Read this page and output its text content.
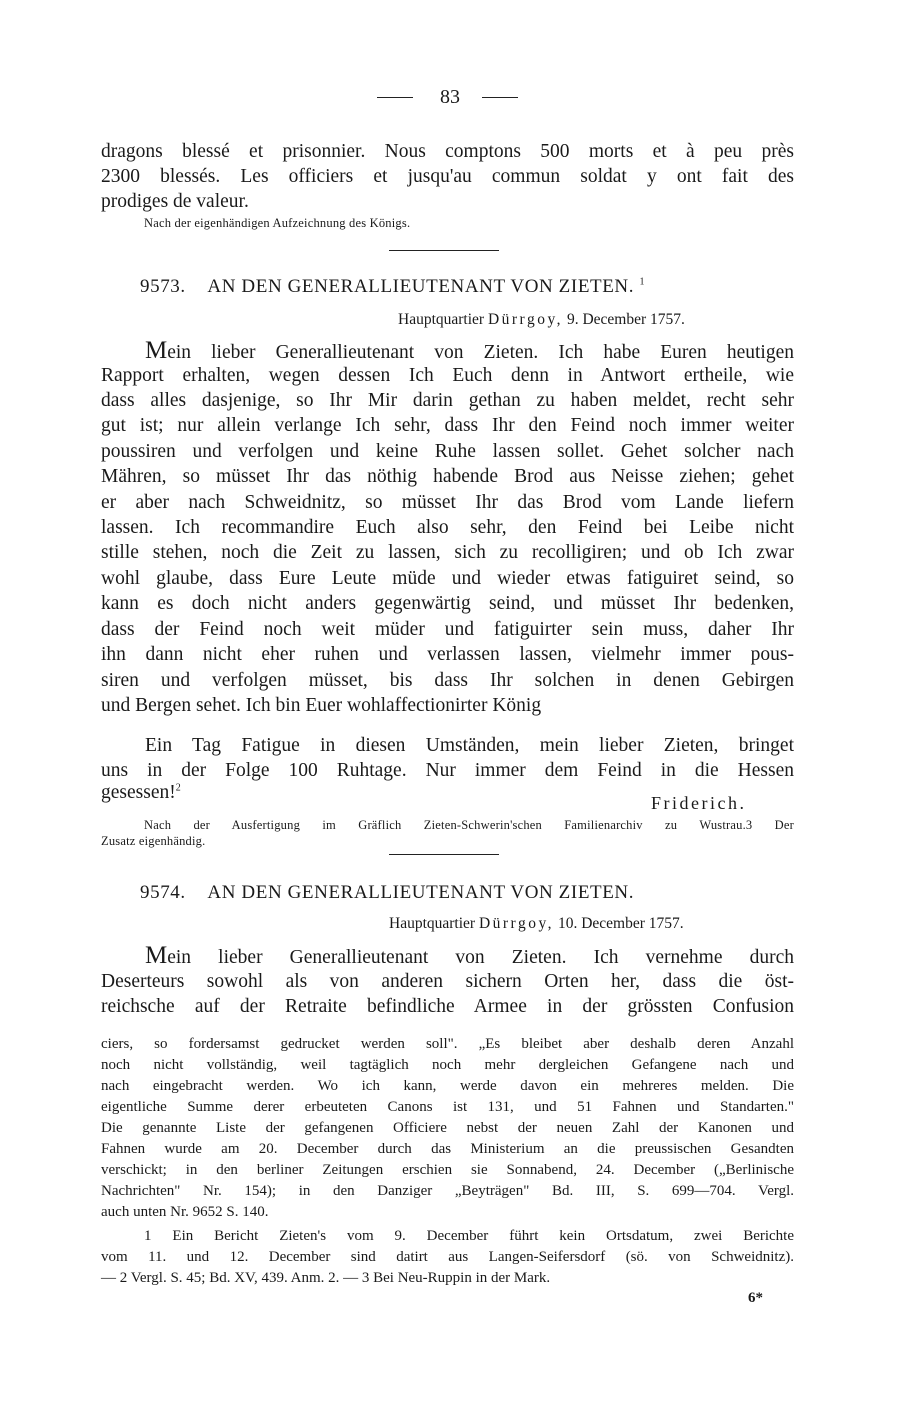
83
dragons blessé et prisonnier. Nous comptons 500 morts et à peu près
2300 blessés. Les officiers et jusqu'au commun soldat y ont fait des
prodiges de valeur.
Nach der eigenhändigen Aufzeichnung des Königs.
9573. AN DEN GENERALLIEUTENANT VON ZIETEN. $^1$
Hauptquartier Dürrgoy, 9. December 1757.
Mein lieber Generallieutenant von Zieten. Ich habe Euren heutigen
Rapport erhalten, wegen dessen Ich Euch denn in Antwort ertheile, wie
dass alles dasjenige, so Ihr Mir darin gethan zu haben meldet, recht sehr
gut ist; nur allein verlange Ich sehr, dass Ihr den Feind noch immer weiter
poussiren und verfolgen und keine Ruhe lassen sollet. Gehet solcher nach
Mähren, so müsset Ihr das nöthig habende Brod aus Neisse ziehen; gehet
er aber nach Schweidnitz, so müsset Ihr das Brod vom Lande liefern
lassen. Ich recommandire Euch also sehr, den Feind bei Leibe nicht
stille stehen, noch die Zeit zu lassen, sich zu recolligiren; und ob Ich zwar
wohl glaube, dass Eure Leute müde und wieder etwas fatiguiret seind, so
kann es doch nicht anders gegenwärtig seind, und müsset Ihr bedenken,
dass der Feind noch weit müder und fatiguirter sein muss, daher Ihr
ihn dann nicht eher ruhen und verlassen lassen, vielmehr immer pous-
siren und verfolgen müsset, bis dass Ihr solchen in denen Gebirgen
und Bergen sehet. Ich bin Euer wohlaffectionirter König
Ein Tag Fatigue in diesen Umständen, mein lieber Zieten, bringet
uns in der Folge 100 Ruhtage. Nur immer dem Feind in die Hessen
gesessen!$^2$
Friderich.
Nach der Ausfertigung im Gräflich Zieten-Schwerin'schen Familienarchiv zu Wustrau.3 Der
Zusatz eigenhändig.
9574. AN DEN GENERALLIEUTENANT VON ZIETEN.
Hauptquartier Dürrgoy, 10. December 1757.
Mein lieber Generallieutenant von Zieten. Ich vernehme durch
Deserteurs sowohl als von anderen sichern Orten her, dass die öst-
reichsche auf der Retraite befindliche Armee in der grössten Confusion
ciers, so fordersamst gedrucket werden soll". „Es bleibet aber deshalb deren Anzahl
noch nicht vollständig, weil tagtäglich noch mehr dergleichen Gefangene nach und
nach eingebracht werden. Wo ich kann, werde davon ein mehreres melden. Die
eigentliche Summe derer erbeuteten Canons ist 131, und 51 Fahnen und Standarten."
Die genannte Liste der gefangenen Officiere nebst der neuen Zahl der Kanonen und
Fahnen wurde am 20. December durch das Ministerium an die preussischen Gesandten
verschickt; in den berliner Zeitungen erschien sie Sonnabend, 24. December („Berlinische
Nachrichten" Nr. 154); in den Danziger „Beyträgen" Bd. III, S. 699—704. Vergl.
auch unten Nr. 9652 S. 140.
1 Ein Bericht Zieten's vom 9. December führt kein Ortsdatum, zwei Berichte
vom 11. und 12. December sind datirt aus Langen-Seifersdorf (sö. von Schweidnitz).
— 2 Vergl. S. 45; Bd. XV, 439. Anm. 2. — 3 Bei Neu-Ruppin in der Mark.
6*
